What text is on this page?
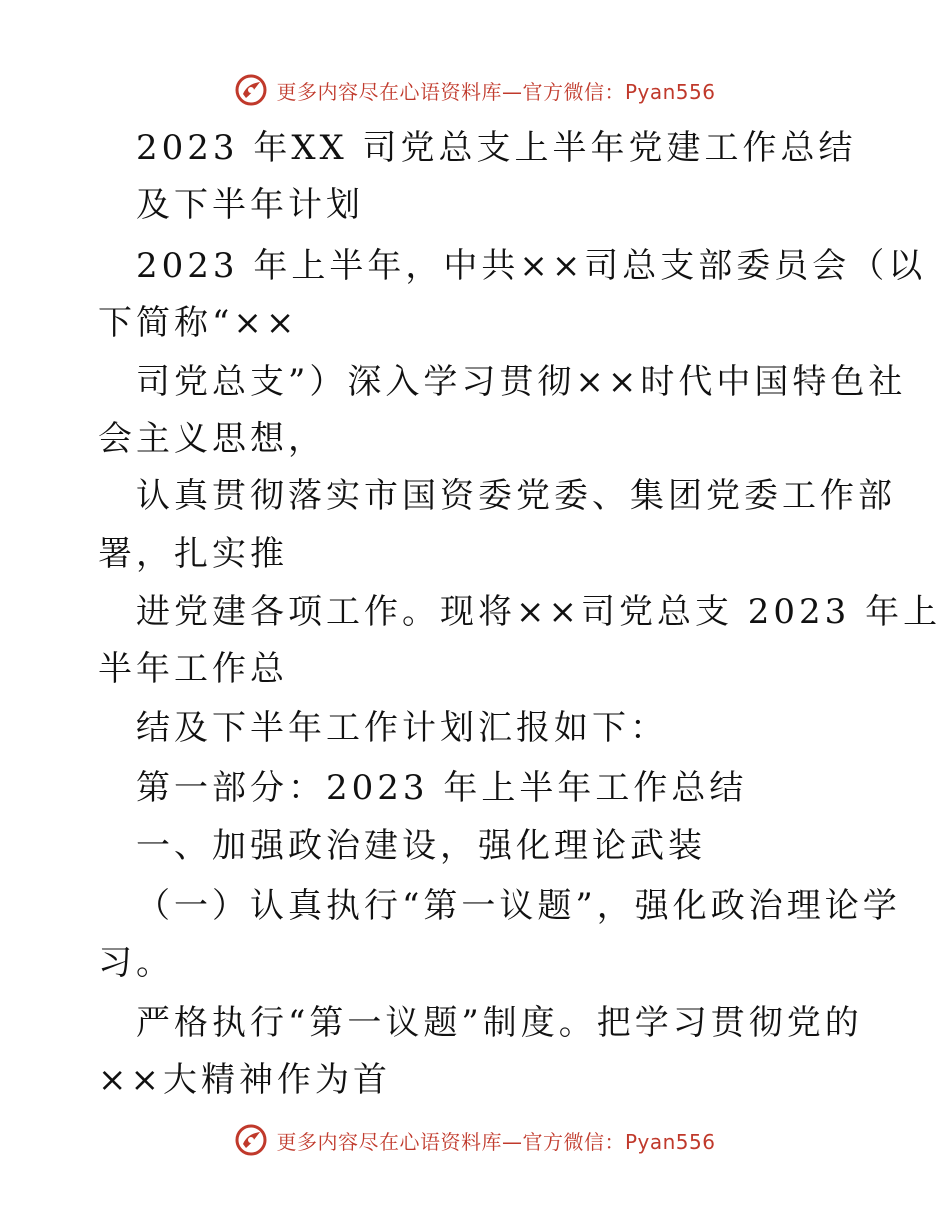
更多内容尽在心语资料库—官方微信：Pyan556
2023 年XX 司党总支上半年党建工作总结
及下半年计划
2023 年上半年，中共××司总支部委员会（以
下简称“××
司党总支”）深入学习贯彻××时代中国特色社
会主义思想，
认真贯彻落实市国资委党委、集团党委工作部
署，扎实推
进党建各项工作。现将××司党总支 2023 年上
半年工作总
结及下半年工作计划汇报如下：
第一部分：2023 年上半年工作总结
一、加强政治建设，强化理论武装
（一）认真执行“第一议题”，强化政治理论学
习。
严格执行“第一议题”制度。把学习贯彻党的
××大精神作为首
更多内容尽在心语资料库—官方微信：Pyan556
